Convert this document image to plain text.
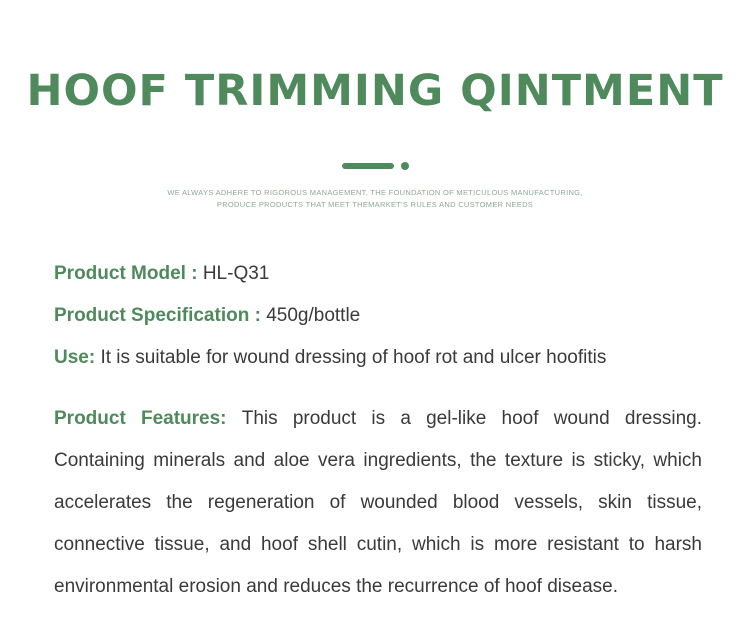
HOOF TRIMMING QINTMENT
WE ALWAYS ADHERE TO RIGOROUS MANAGEMENT, THE FOUNDATION OF METICULOUS MANUFACTURING,
PRODUCE PRODUCTS THAT MEET THEMARKET'S RULES AND CUSTOMER NEEDS

Product Model : HL-Q31

Product Specification : 450g/bottle

Use: It is suitable for wound dressing of hoof rot and ulcer hoofitis

Product Features: This product is a gel-like hoof wound dressing. Containing minerals and aloe vera ingredients, the texture is sticky, which accelerates the regeneration of wounded blood vessels, skin tissue, connective tissue, and hoof shell cutin, which is more resistant to harsh environmental erosion and reduces the recurrence of hoof disease.
